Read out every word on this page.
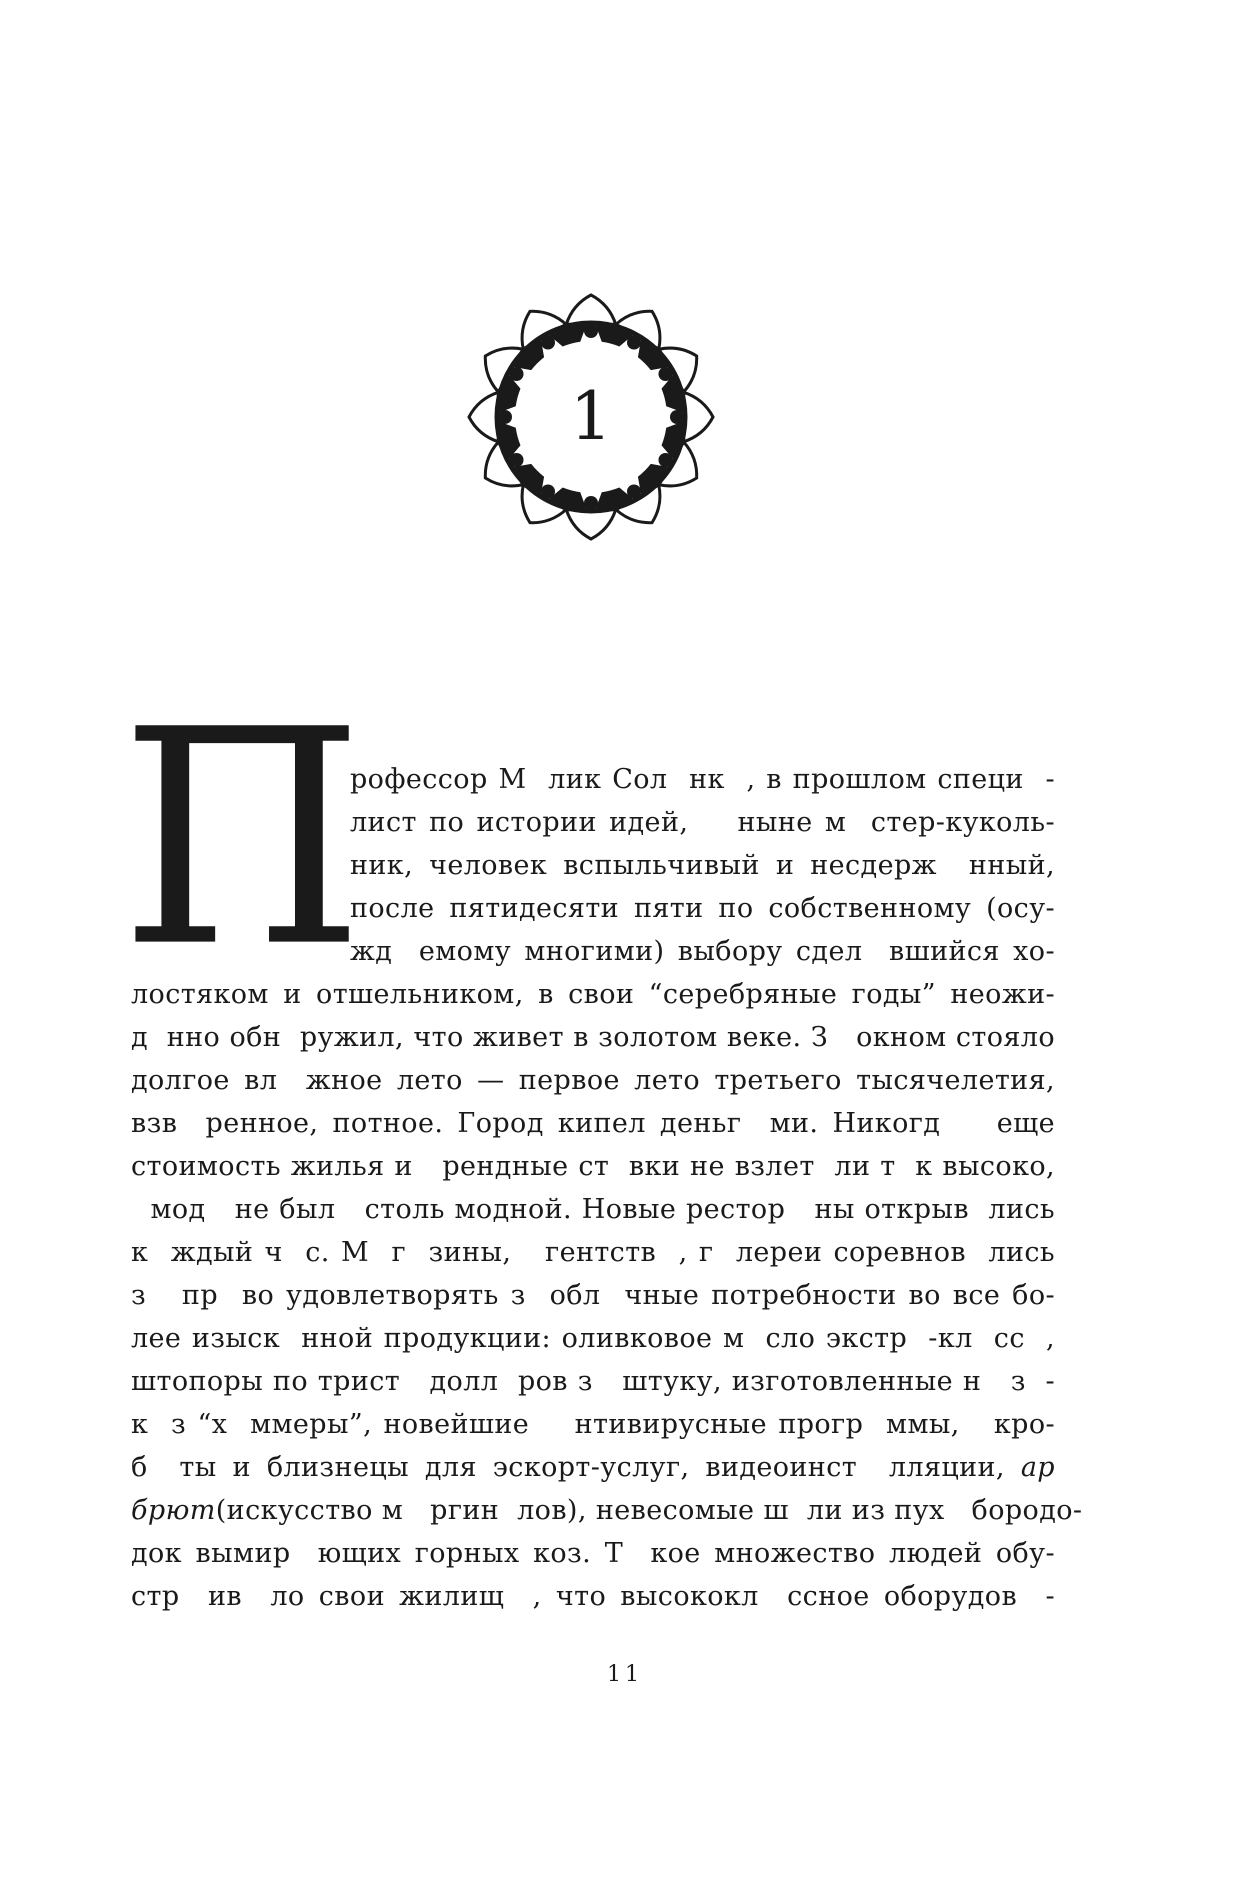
1
П
рофессор М  лик Сол  нк  , в прошлом специ  -
лист по истории идей,    ныне м  стер-куколь-
ник, человек вспыльчивый и несдерж  нный,
после пятидесяти пяти по собственному (осу-
жд  емому многими) выбору сдел  вшийся хо-
лостяком и отшельником, в свои “серебряные годы” неожи-
д  нно обн  ружил, что живет в золотом веке. З   окном стояло
долгое вл  жное лето — первое лето третьего тысячелетия,
взв  ренное, потное. Город кипел деньг  ми. Никогд    еще
стоимость жилья и   рендные ст  вки не взлет  ли т  к высоко,
мод   не был   столь модной. Новые рестор   ны открыв  лись
к  ждый ч  с. М  г  зины,   гентств  , г  лереи соревнов  лись
з   пр  во удовлетворять з  обл  чные потребности во все бо-
лее изыск  нной продукции: оливковое м  сло экстр  -кл  сс  ,
штопоры по трист   долл  ров з   штуку, изготовленные н   з  -
к  з “х  ммеры”, новейшие    нтивирусные прогр  ммы,   кро-
б  ты и близнецы для эскорт-услуг, видеоинст  лляции, ар
брют(искусство м   ргин  лов), невесомые ш  ли из пух   бородо-
док вымир  ющих горных коз. Т  кое множество людей обу-
стр  ив  ло свои жилищ  , что высококл  ссное оборудов  -
11
